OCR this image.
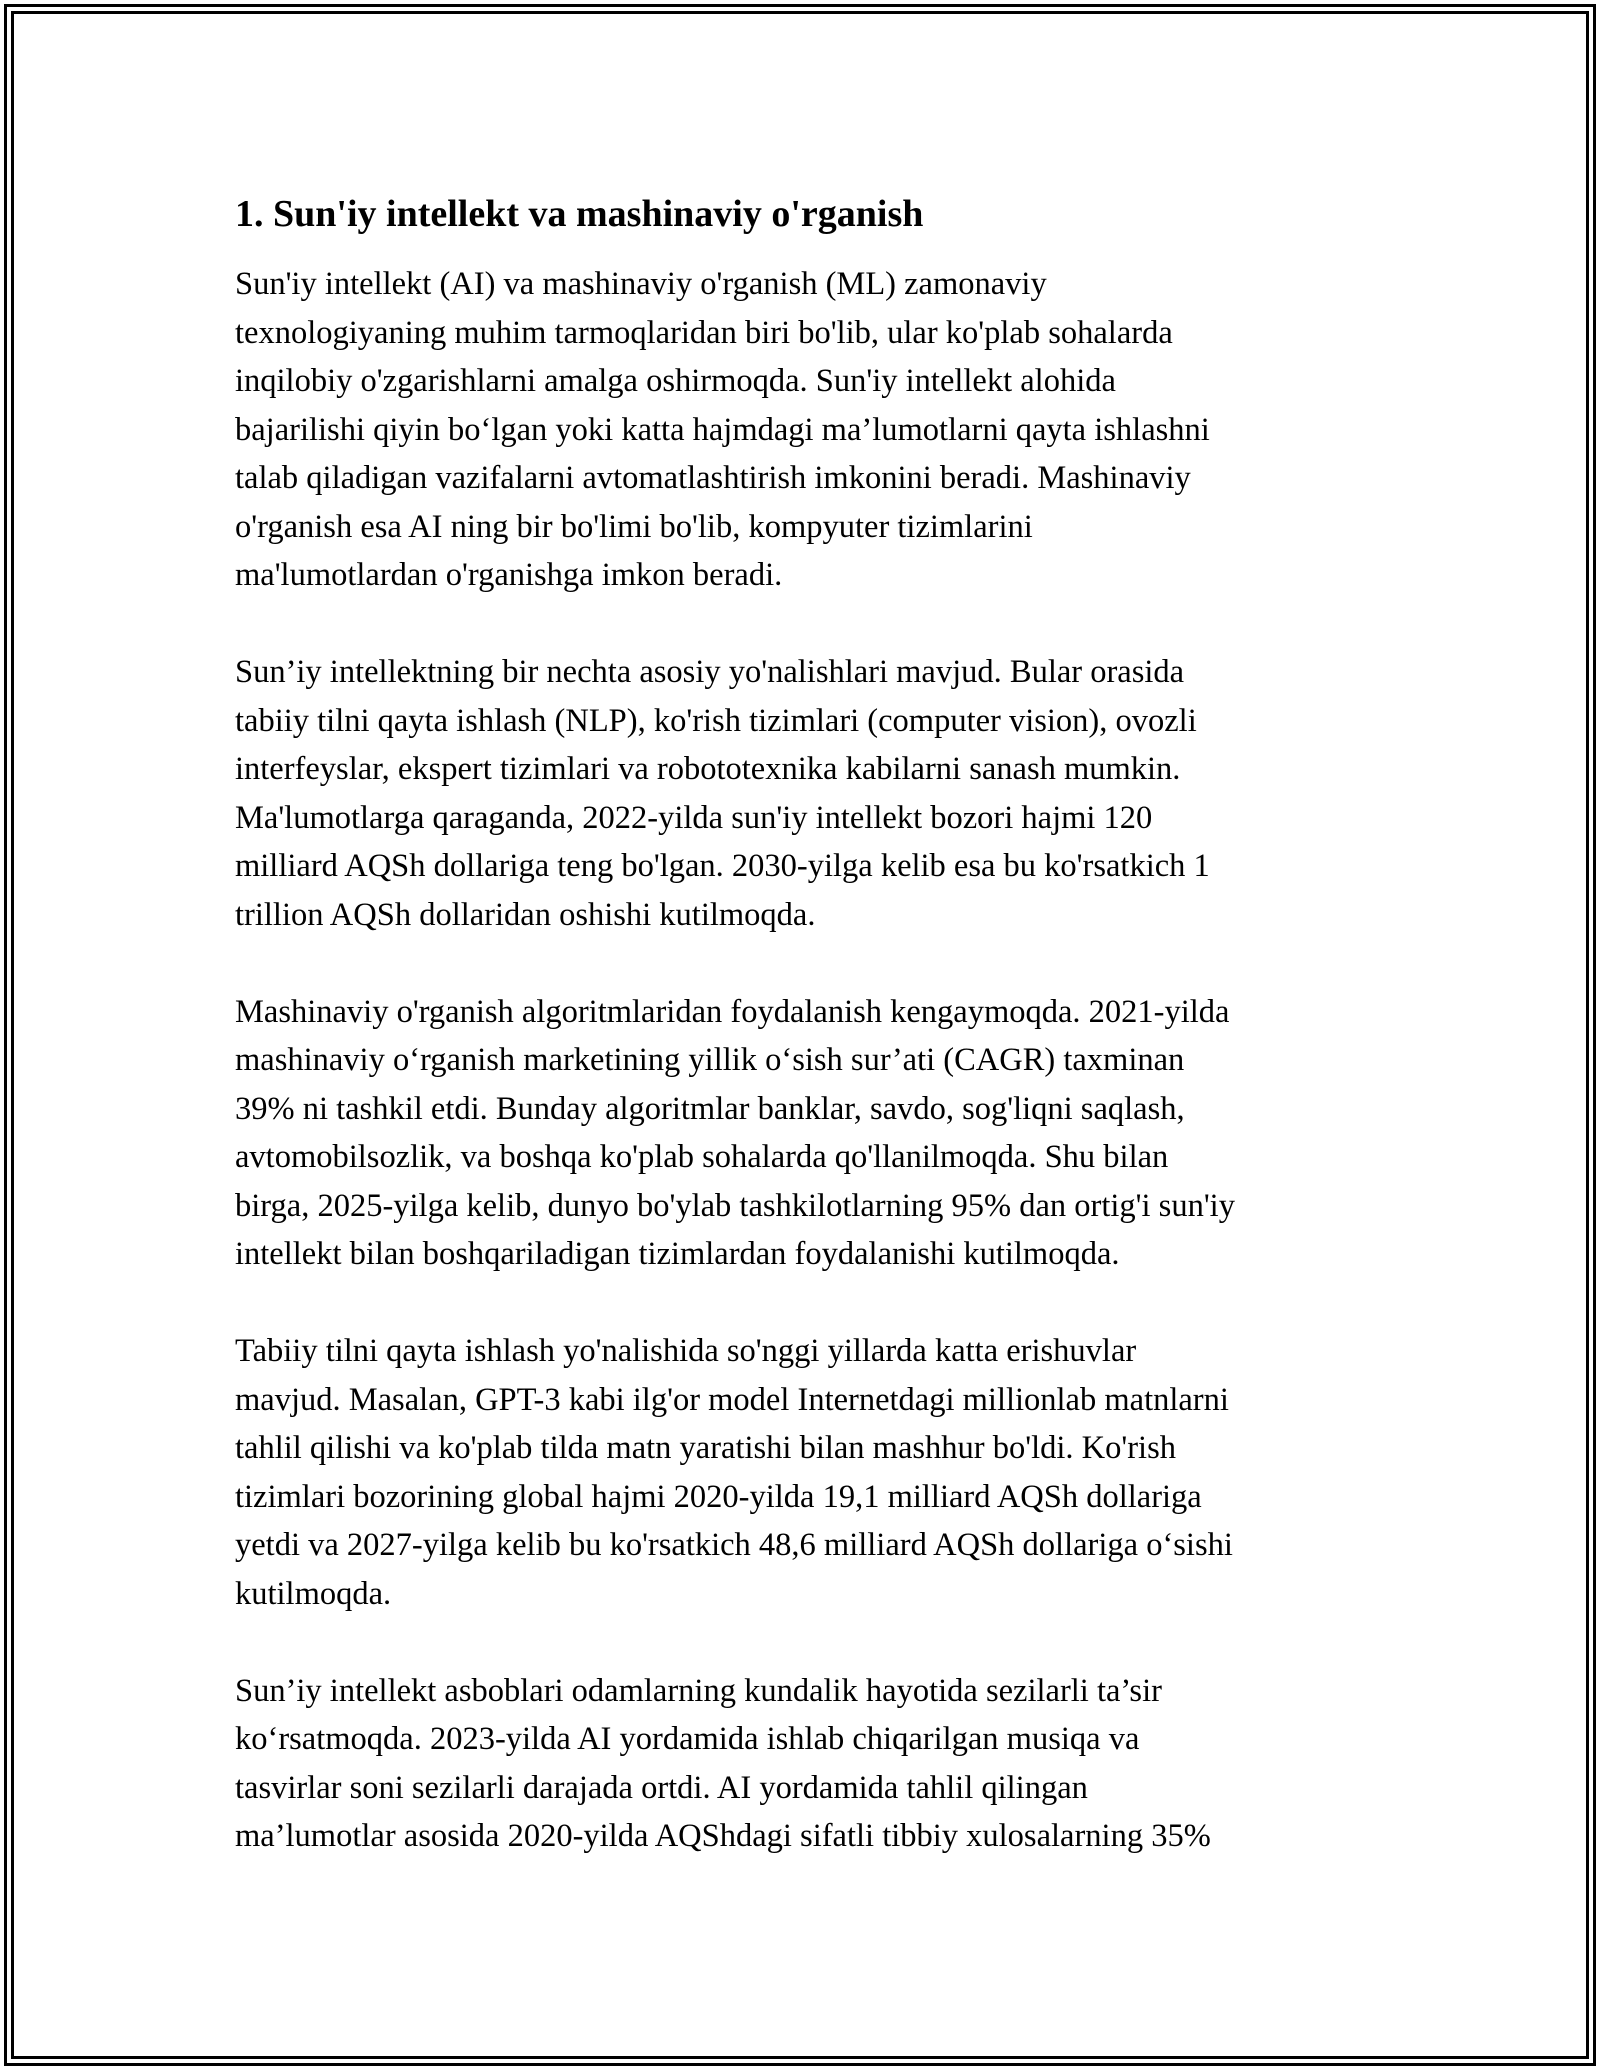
1. Sun'iy intellekt va mashinaviy o'rganish

Sun'iy intellekt (AI) va mashinaviy o'rganish (ML) zamonaviy
texnologiyaning muhim tarmoqlaridan biri bo'lib, ular ko'plab sohalarda
inqilobiy o'zgarishlarni amalga oshirmoqda. Sun'iy intellekt alohida
bajarilishi qiyin bo‘lgan yoki katta hajmdagi ma’lumotlarni qayta ishlashni
talab qiladigan vazifalarni avtomatlashtirish imkonini beradi. Mashinaviy
o'rganish esa AI ning bir bo'limi bo'lib, kompyuter tizimlarini
ma'lumotlardan o'rganishga imkon beradi.

Sun’iy intellektning bir nechta asosiy yo'nalishlari mavjud. Bular orasida
tabiiy tilni qayta ishlash (NLP), ko'rish tizimlari (computer vision), ovozli
interfeyslar, ekspert tizimlari va robototexnika kabilarni sanash mumkin.
Ma'lumotlarga qaraganda, 2022-yilda sun'iy intellekt bozori hajmi 120
milliard AQSh dollariga teng bo'lgan. 2030-yilga kelib esa bu ko'rsatkich 1
trillion AQSh dollaridan oshishi kutilmoqda.

Mashinaviy o'rganish algoritmlaridan foydalanish kengaymoqda. 2021-yilda
mashinaviy o‘rganish marketining yillik o‘sish sur’ati (CAGR) taxminan
39% ni tashkil etdi. Bunday algoritmlar banklar, savdo, sog'liqni saqlash,
avtomobilsozlik, va boshqa ko'plab sohalarda qo'llanilmoqda. Shu bilan
birga, 2025-yilga kelib, dunyo bo'ylab tashkilotlarning 95% dan ortig'i sun'iy
intellekt bilan boshqariladigan tizimlardan foydalanishi kutilmoqda.

Tabiiy tilni qayta ishlash yo'nalishida so'nggi yillarda katta erishuvlar
mavjud. Masalan, GPT-3 kabi ilg'or model Internetdagi millionlab matnlarni
tahlil qilishi va ko'plab tilda matn yaratishi bilan mashhur bo'ldi. Ko'rish
tizimlari bozorining global hajmi 2020-yilda 19,1 milliard AQSh dollariga
yetdi va 2027-yilga kelib bu ko'rsatkich 48,6 milliard AQSh dollariga o‘sishi
kutilmoqda.

Sun’iy intellekt asboblari odamlarning kundalik hayotida sezilarli ta’sir
ko‘rsatmoqda. 2023-yilda AI yordamida ishlab chiqarilgan musiqa va
tasvirlar soni sezilarli darajada ortdi. AI yordamida tahlil qilingan
ma’lumotlar asosida 2020-yilda AQShdagi sifatli tibbiy xulosalarning 35%
